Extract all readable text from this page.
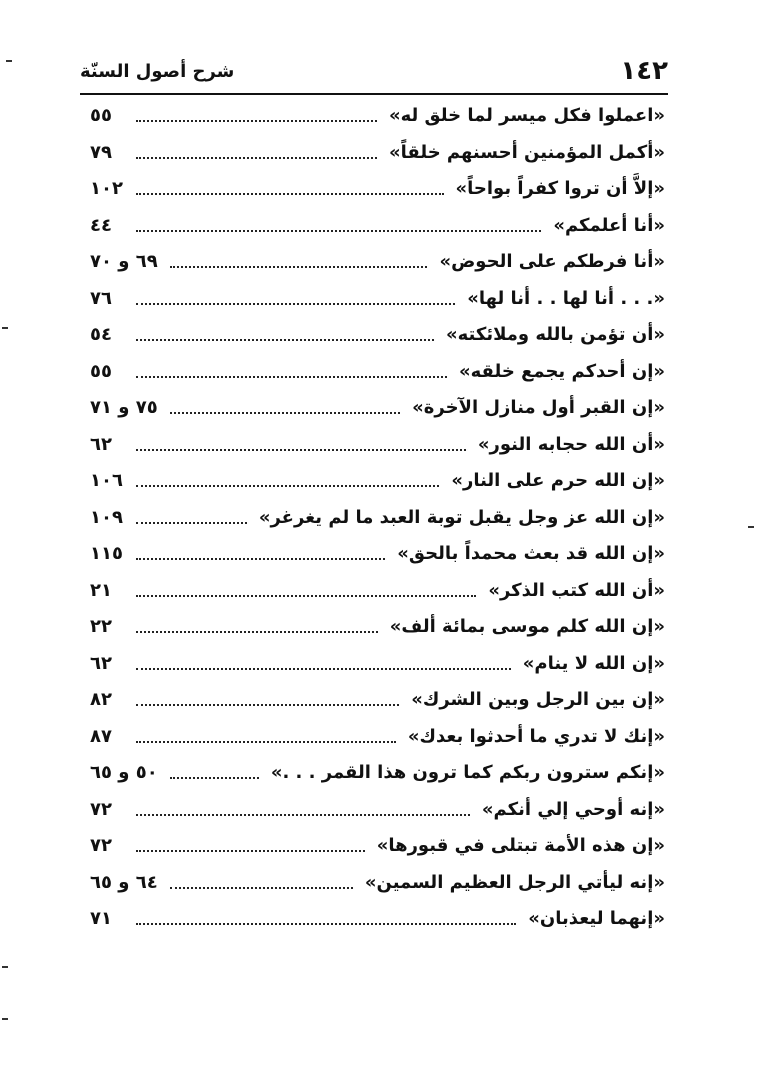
١٤٢
شرح أصول السنّة
«اعملوا فكل ميسر لما خلق له»
٥٥
«أكمل المؤمنين أحسنهم خلقاً»
٧٩
«إلاَّ أن تروا كفراً بواحاً»
١٠٢
«أنا أعلمكم»
٤٤
«أنا فرطكم على الحوض»
٦٩ و ٧٠
«. . . أنا لها . . أنا لها»
٧٦
«أن تؤمن بالله وملائكته»
٥٤
«إن أحدكم يجمع خلقه»
٥٥
«إن القبر أول منازل الآخرة»
٧٥ و ٧١
«أن الله حجابه النور»
٦٢
«إن الله حرم على النار»
١٠٦
«إن الله عز وجل يقبل توبة العبد ما لم يغرغر»
١٠٩
«إن الله قد بعث محمداً بالحق»
١١٥
«أن الله كتب الذكر»
٢١
«إن الله كلم موسى بمائة ألف»
٢٢
«إن الله لا ينام»
٦٢
«إن بين الرجل وبين الشرك»
٨٢
«إنك لا تدري ما أحدثوا بعدك»
٨٧
«إنكم سترون ربكم كما ترون هذا القمر . . .»
٥٠ و ٦٥
«إنه أوحي إلي أنكم»
٧٢
«إن هذه الأمة تبتلى في قبورها»
٧٢
«إنه ليأتي الرجل العظيم السمين»
٦٤ و ٦٥
«إنهما ليعذبان»
٧١
